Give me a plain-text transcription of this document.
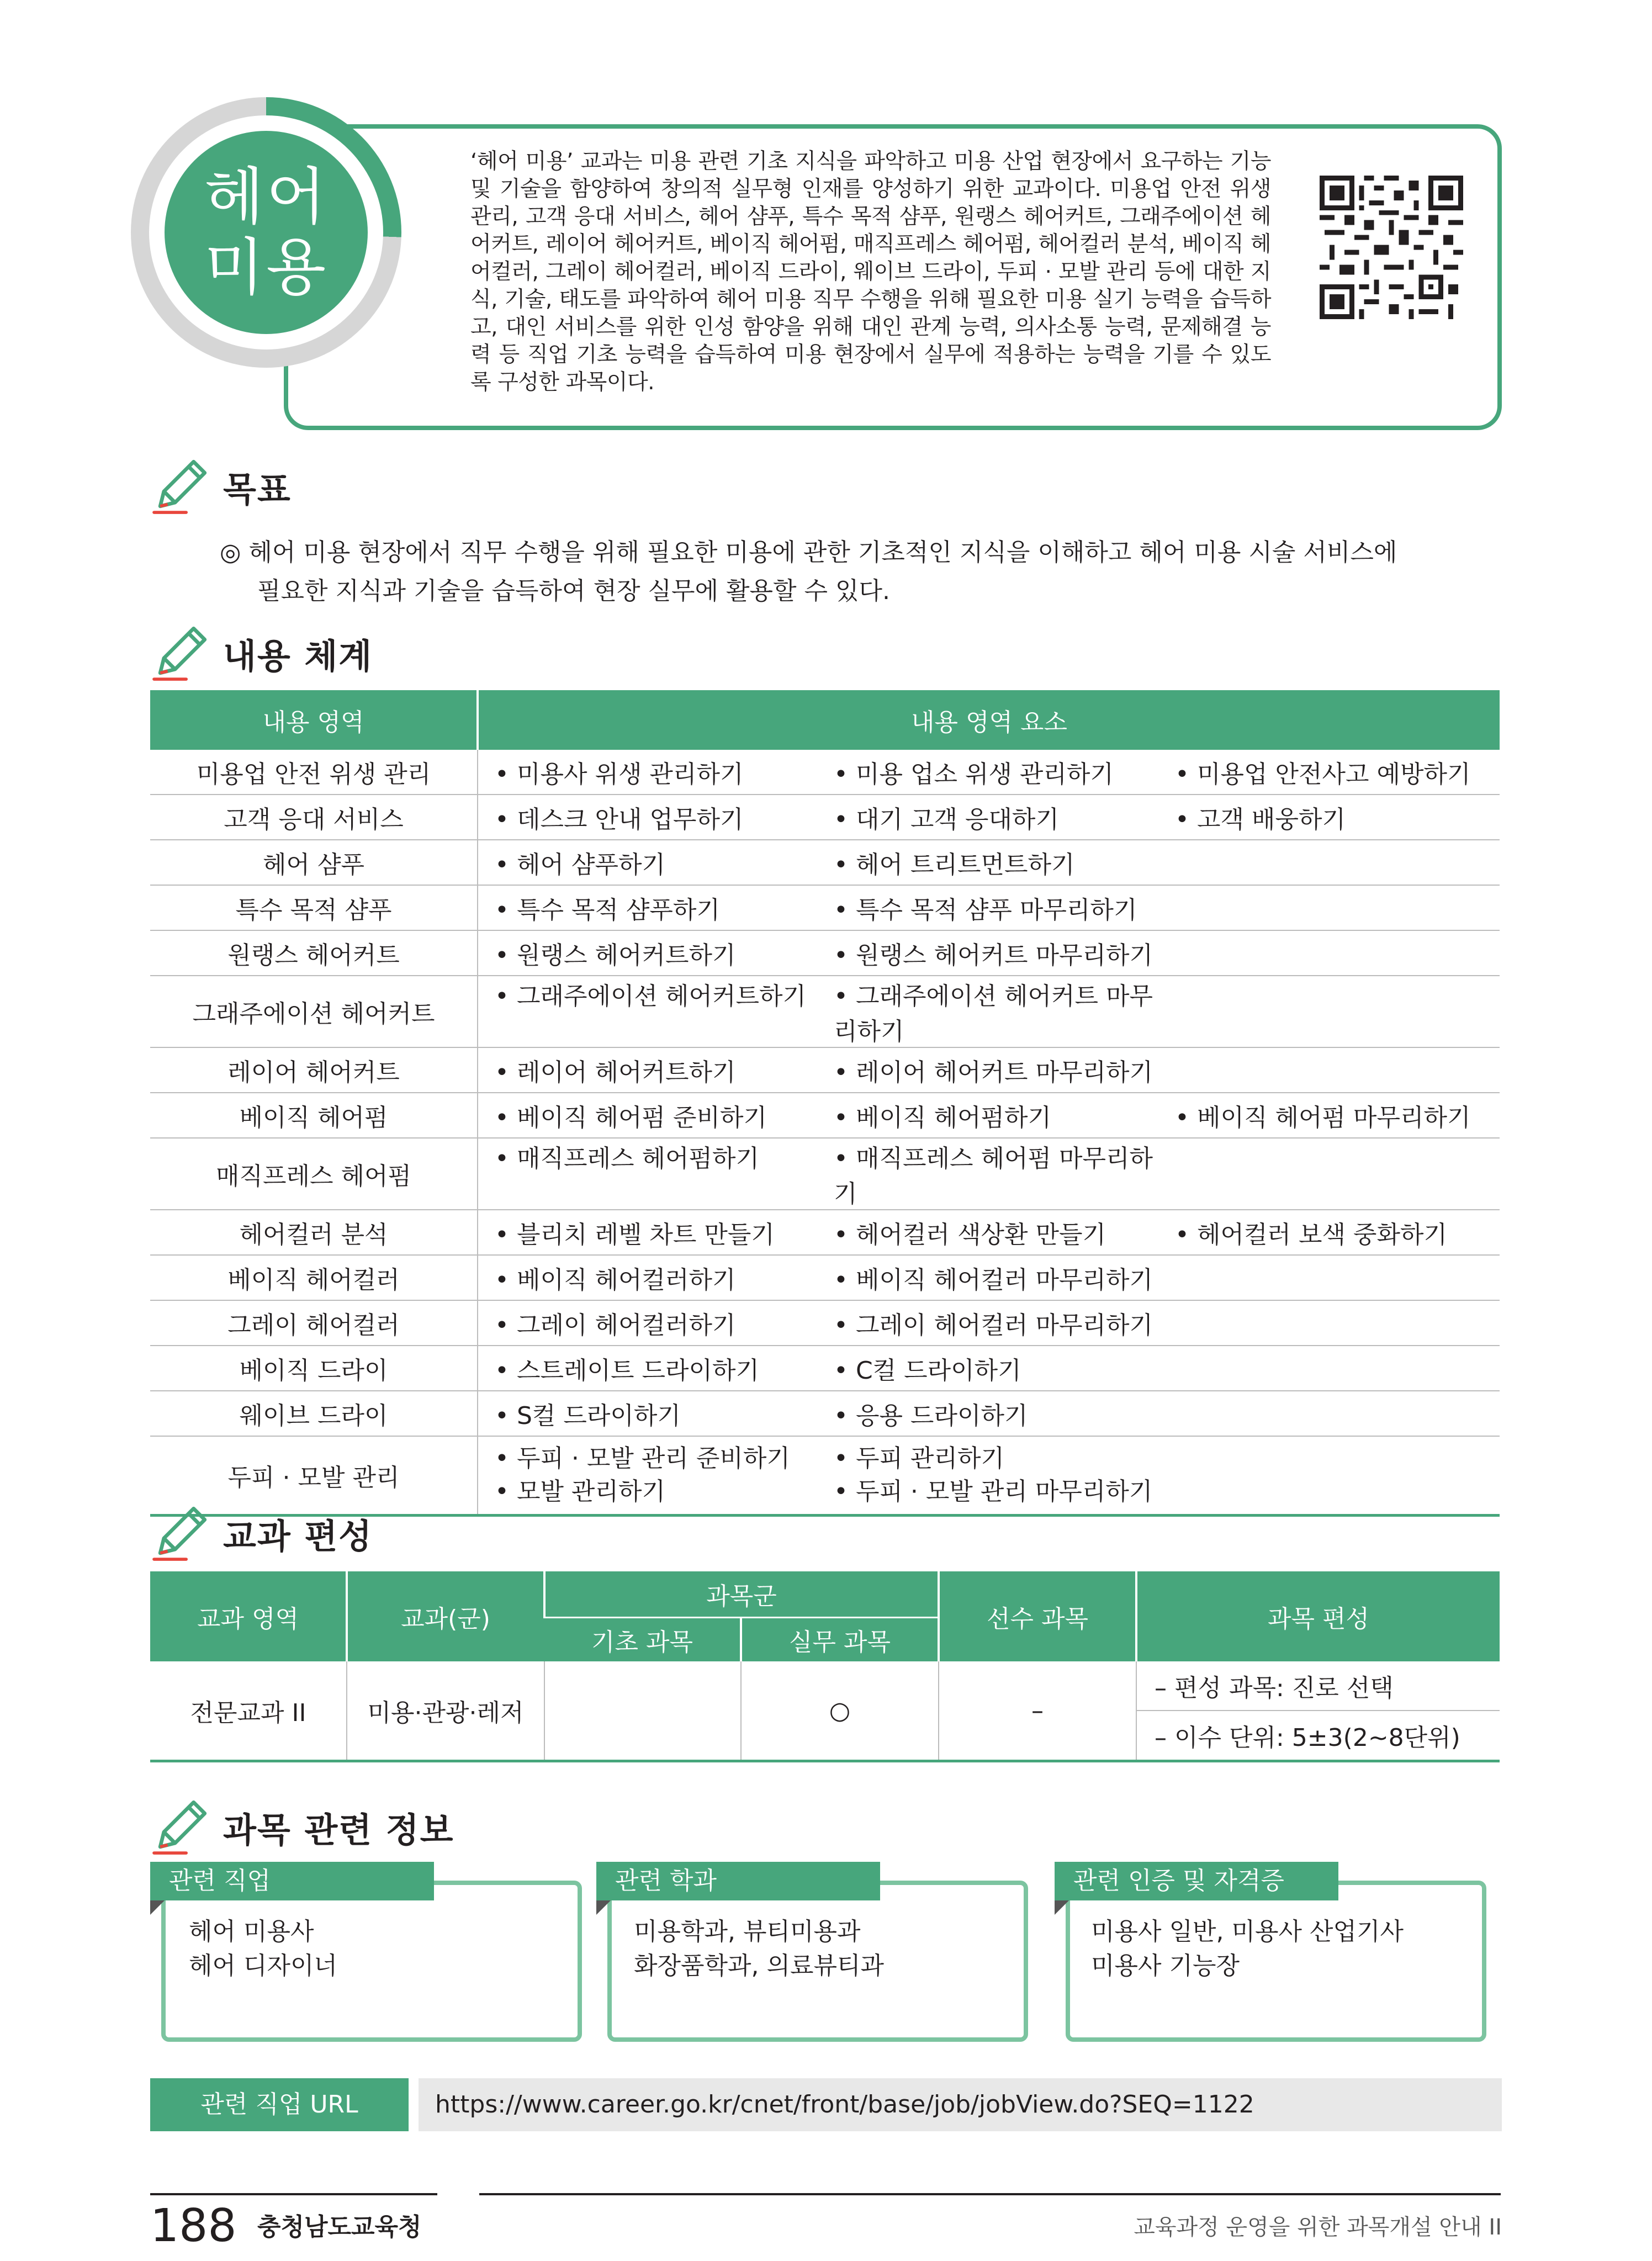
헤어
미용
‘헤어 미용’ 교과는 미용 관련 기초 지식을 파악하고 미용 산업 현장에서 요구하는 기능 및 기술을 함양하여 창의적 실무형 인재를 양성하기 위한 교과이다. 미용업 안전 위생 관리, 고객 응대 서비스, 헤어 샴푸, 특수 목적 샴푸, 원랭스 헤어커트, 그래주에이션 헤어커트, 레이어 헤어커트, 베이직 헤어펌, 매직프레스 헤어펌, 헤어컬러 분석, 베이직 헤어컬러, 그레이 헤어컬러, 베이직 드라이, 웨이브 드라이, 두피 · 모발 관리 등에 대한 지식, 기술, 태도를 파악하여 헤어 미용 직무 수행을 위해 필요한 미용 실기 능력을 습득하고, 대인 서비스를 위한 인성 함양을 위해 대인 관계 능력, 의사소통 능력, 문제해결 능력 등 직업 기초 능력을 습득하여 미용 현장에서 실무에 적용하는 능력을 기를 수 있도록 구성한 과목이다.
목표
◎ 헤어 미용 현장에서 직무 수행을 위해 필요한 미용에 관한 기초적인 지식을 이해하고 헤어 미용 시술 서비스에
필요한 지식과 기술을 습득하여 현장 실무에 활용할 수 있다.
내용 체계
내용 영역	내용 영역 요소
미용업 안전 위생 관리	• 미용사 위생 관리하기 • 미용 업소 위생 관리하기 • 미용업 안전사고 예방하기

고객 응대 서비스	• 데스크 안내 업무하기 • 대기 고객 응대하기 • 고객 배웅하기

헤어 샴푸	• 헤어 샴푸하기 • 헤어 트리트먼트하기

특수 목적 샴푸	• 특수 목적 샴푸하기 • 특수 목적 샴푸 마무리하기

원랭스 헤어커트	• 원랭스 헤어커트하기 • 원랭스 헤어커트 마무리하기

그래주에이션 헤어커트	• 그래주에이션 헤어커트하기 • 그래주에이션 헤어커트 마무리하기

레이어 헤어커트	• 레이어 헤어커트하기 • 레이어 헤어커트 마무리하기

베이직 헤어펌	• 베이직 헤어펌 준비하기 • 베이직 헤어펌하기 • 베이직 헤어펌 마무리하기

매직프레스 헤어펌	• 매직프레스 헤어펌하기 • 매직프레스 헤어펌 마무리하기

헤어컬러 분석	• 블리치 레벨 차트 만들기 • 헤어컬러 색상환 만들기 • 헤어컬러 보색 중화하기

베이직 헤어컬러	• 베이직 헤어컬러하기 • 베이직 헤어컬러 마무리하기

그레이 헤어컬러	• 그레이 헤어컬러하기 • 그레이 헤어컬러 마무리하기

베이직 드라이	• 스트레이트 드라이하기 • C컬 드라이하기

웨이브 드라이	• S컬 드라이하기 • 응용 드라이하기

두피 · 모발 관리	• 두피 · 모발 관리 준비하기 • 두피 관리하기
• 모발 관리하기 • 두피 · 모발 관리 마무리하기
교과 편성
교과 영역	교과(군)	과목군		선수 과목	과목 편성
		기초 과목	실무 과목		
전문교과 II	미용·관광·레저		○	–	– 편성 과목: 진로 선택
					– 이수 단위: 5±3(2~8단위)
과목 관련 정보
관련 직업
헤어 미용사
헤어 디자이너
관련 학과
미용학과, 뷰티미용과
화장품학과, 의료뷰티과
관련 인증 및 자격증
미용사 일반, 미용사 산업기사
미용사 기능장
관련 직업 URL	https://www.career.go.kr/cnet/front/base/job/jobView.do?SEQ=1122
188 충청남도교육청	교육과정 운영을 위한 과목개설 안내 II
